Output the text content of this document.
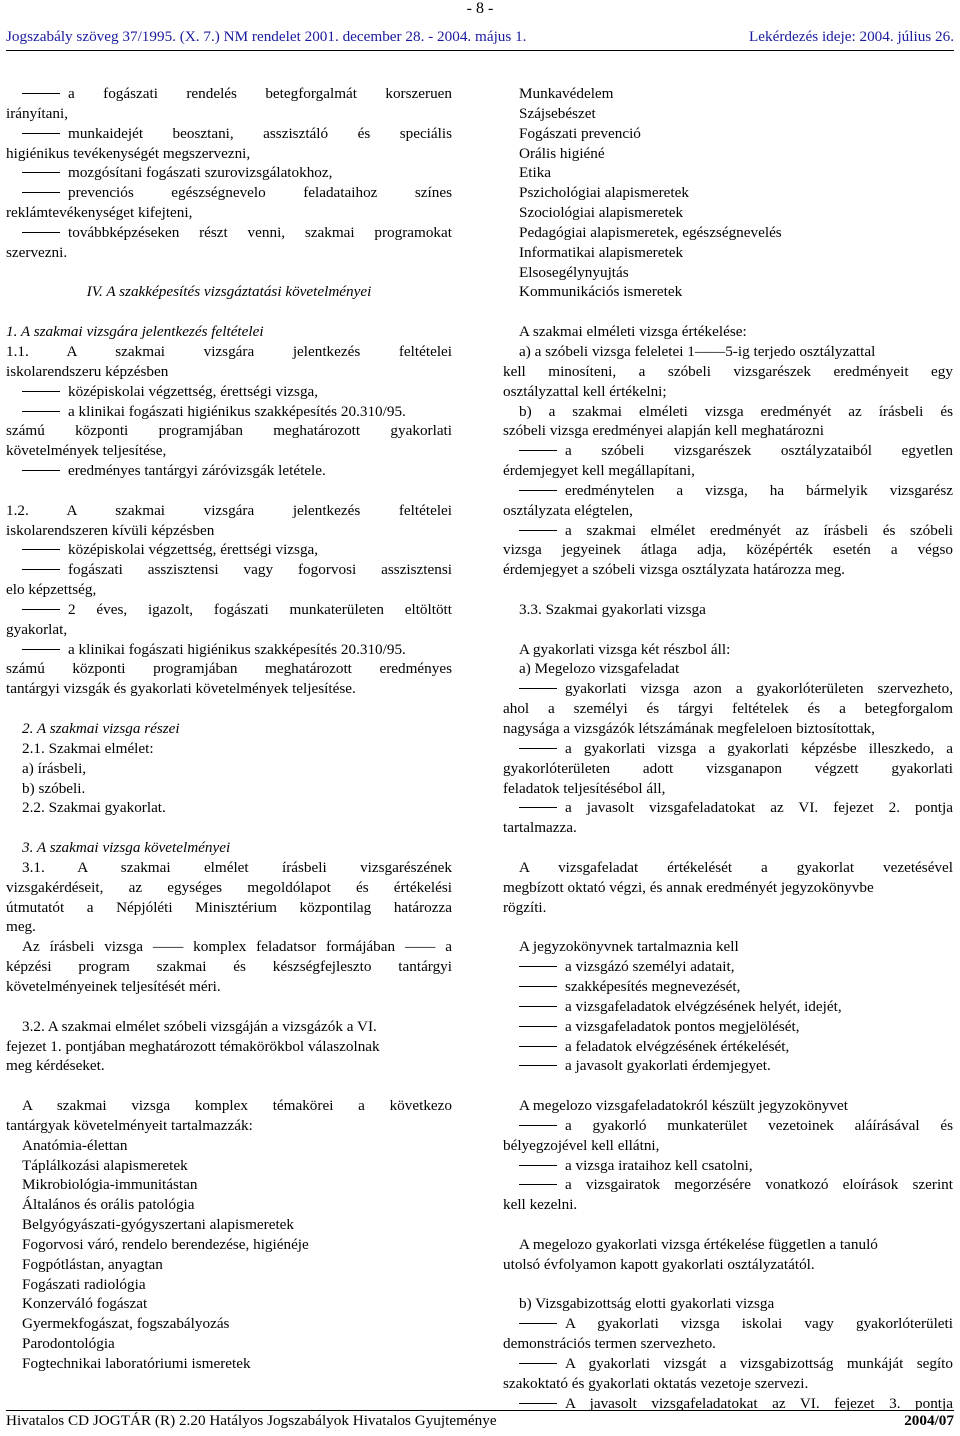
- 8 -
Jogszabály szöveg 37/1995. (X. 7.) NM rendelet 2001. december 28. - 2004. május 1.	Lekérdezés ideje: 2004. július 26.
a fogászati rendelés betegforgalmát korszeruen
irányítani,
munkaidejét beosztani, asszisztáló és speciális
higiénikus tevékenységét megszervezni,
mozgósítani fogászati szurovizsgálatokhoz,
prevenciós egészségnevelo feladataihoz színes
reklámtevékenységet kifejteni,
továbbképzéseken részt venni, szakmai programokat
szervezni.
IV. A szakképesítés vizsgáztatási követelményei
1. A szakmai vizsgára jelentkezés feltételei
1.1. A szakmai vizsgára jelentkezés feltételei
iskolarendszeru képzésben
középiskolai végzettség, érettségi vizsga,
a klinikai fogászati higiénikus szakképesítés 20.310/95.
számú központi programjában meghatározott gyakorlati
követelmények teljesítése,
eredményes tantárgyi záróvizsgák letétele.
1.2. A szakmai vizsgára jelentkezés feltételei
iskolarendszeren kívüli képzésben
középiskolai végzettség, érettségi vizsga,
fogászati asszisztensi vagy fogorvosi asszisztensi
elo képzettség,
2 éves, igazolt, fogászati munkaterületen eltöltött
gyakorlat,
a klinikai fogászati higiénikus szakképesítés 20.310/95.
számú központi programjában meghatározott eredményes
tantárgyi vizsgák és gyakorlati követelmények teljesítése.
2. A szakmai vizsga részei
2.1. Szakmai elmélet:
a) írásbeli,
b) szóbeli.
2.2. Szakmai gyakorlat.
3. A szakmai vizsga követelményei
3.1. A szakmai elmélet írásbeli vizsgarészének
vizsgakérdéseit, az egységes megoldólapot és értékelési
útmutatót a Népjóléti Minisztérium központilag határozza
meg.
Az írásbeli vizsga —— komplex feladatsor formájában —— a
képzési program szakmai és készségfejleszto tantárgyi
követelményeinek teljesítését méri.
3.2. A szakmai elmélet szóbeli vizsgáján a vizsgázók a VI.
fejezet 1. pontjában meghatározott témakörökbol válaszolnak
meg kérdéseket.
A szakmai vizsga komplex témakörei a következo
tantárgyak követelményeit tartalmazzák:
Anatómia-élettan
Táplálkozási alapismeretek
Mikrobiológia-immunitástan
Általános és orális patológia
Belgyógyászati-gyógyszertani alapismeretek
Fogorvosi váró, rendelo berendezése, higiénéje
Fogpótlástan, anyagtan
Fogászati radiológia
Konzerváló fogászat
Gyermekfogászat, fogszabályozás
Parodontológia
Fogtechnikai laboratóriumi ismeretek
Munkavédelem
Szájsebészet
Fogászati prevenció
Orális higiéné
Etika
Pszichológiai alapismeretek
Szociológiai alapismeretek
Pedagógiai alapismeretek, egészségnevelés
Informatikai alapismeretek
Elsosegélynyujtás
Kommunikációs ismeretek
A szakmai elméleti vizsga értékelése:
a) a szóbeli vizsga feleletei 1——5-ig terjedo osztályzattal
kell minosíteni, a szóbeli vizsgarészek eredményeit egy
osztályzattal kell értékelni;
b) a szakmai elméleti vizsga eredményét az írásbeli és
szóbeli vizsga eredményei alapján kell meghatározni
a szóbeli vizsgarészek osztályzataiból egyetlen
érdemjegyet kell megállapítani,
eredménytelen a vizsga, ha bármelyik vizsgarész
osztályzata elégtelen,
a szakmai elmélet eredményét az írásbeli és szóbeli
vizsga jegyeinek átlaga adja, középérték esetén a végso
érdemjegyet a szóbeli vizsga osztályzata határozza meg.
3.3. Szakmai gyakorlati vizsga
A gyakorlati vizsga két részbol áll:
a) Megelozo vizsgafeladat
gyakorlati vizsga azon a gyakorlóterületen szervezheto,
ahol a személyi és tárgyi feltételek és a betegforgalom
nagysága a vizsgázók létszámának megfeleloen biztosítottak,
a gyakorlati vizsga a gyakorlati képzésbe illeszkedo, a
gyakorlóterületen adott vizsganapon végzett gyakorlati
feladatok teljesítésébol áll,
a javasolt vizsgafeladatokat az VI. fejezet 2. pontja
tartalmazza.
A vizsgafeladat értékelését a gyakorlat vezetésével
megbízott oktató végzi, és annak eredményét jegyzokönyvbe
rögzíti.
A jegyzokönyvnek tartalmaznia kell
a vizsgázó személyi adatait,
szakképesítés megnevezését,
a vizsgafeladatok elvégzésének helyét, idejét,
a vizsgafeladatok pontos megjelölését,
a feladatok elvégzésének értékelését,
a javasolt gyakorlati érdemjegyet.
A megelozo vizsgafeladatokról készült jegyzokönyvet
a gyakorló munkaterület vezetoinek aláírásával és
bélyegzojével kell ellátni,
a vizsga irataihoz kell csatolni,
a vizsgairatok megorzésére vonatkozó eloírások szerint
kell kezelni.
A megelozo gyakorlati vizsga értékelése független a tanuló
utolsó évfolyamon kapott gyakorlati osztályzatától.
b) Vizsgabizottság elotti gyakorlati vizsga
A gyakorlati vizsga iskolai vagy gyakorlóterületi
demonstrációs termen szervezheto.
A gyakorlati vizsgát a vizsgabizottság munkáját segíto
szakoktató és gyakorlati oktatás vezetoje szervezi.
A javasolt vizsgafeladatokat az VI. fejezet 3. pontja
Hivatalos CD JOGTÁR (R) 2.20 Hatályos Jogszabályok Hivatalos Gyujteménye	2004/07
